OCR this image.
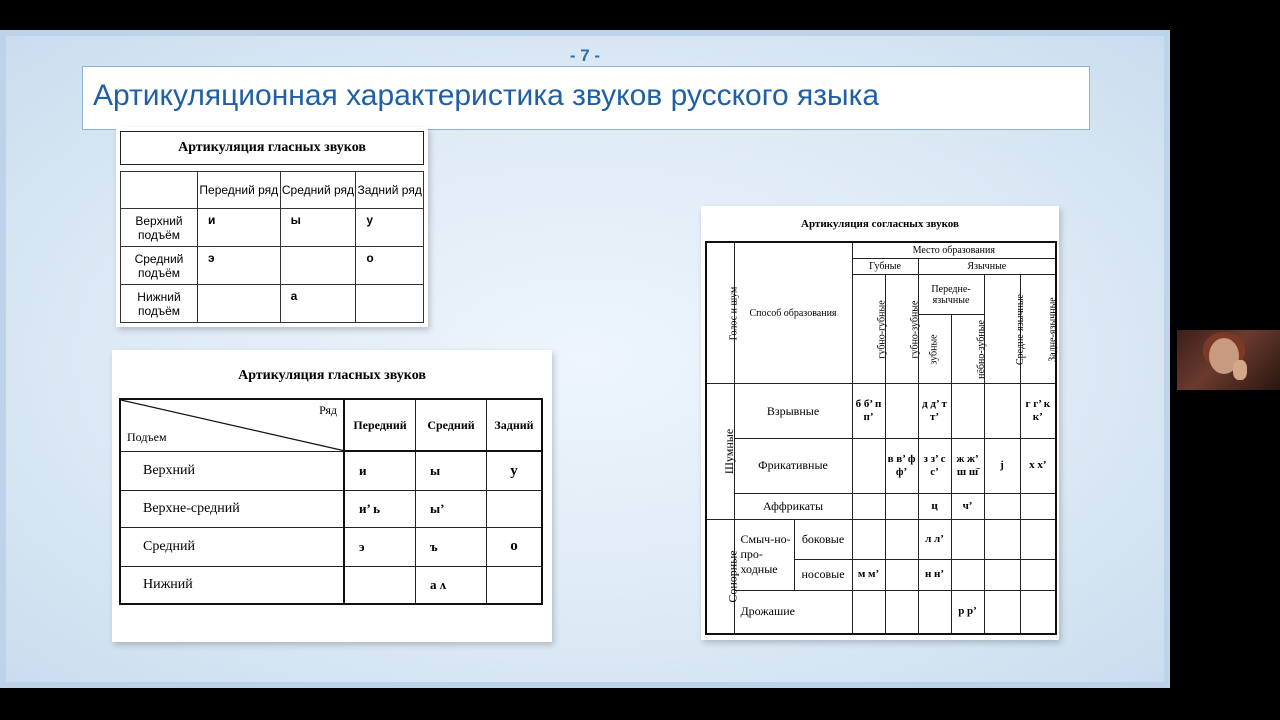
- 7 -
Артикуляционная характеристика звуков русского языка
Артикуляция гласных звуков
	Передний ряд	Средний ряд	Задний ряд
Верхний подъём	и	ы	у
Средний подъём	э		о
Нижний подъём		а	
Артикуляция гласных звуков
Ряд
Подъем	Передний	Средний	Задний
Верхний	и	ы	у
Верхне-средний	и’ ь	ы’	
Средний	э	ъ	о
Нижний		а ʌ	
Артикуляция согласных звуков
Голос и шум	Способ образования		Место образования					
			Губные		Язычные			
			губно-губные	губно-зубные	Передне-язычные		Средне-язычные	Задне-язычные
					зубные	нёбно-зубные		
Шумные	Взрывные		б б’ п п’		д д’ т т’			г г’ к к’
	Фрикативные			в в’ ф ф’	з з’ с с’	ж ж’ ш ш̄	j	х х’
	Аффрикаты				ц	ч’		
Сонорные	Смыч-но-про-ходные	боковые			л л’			
		носовые	м м’		н н’			
	Дрожашие					р р’		
